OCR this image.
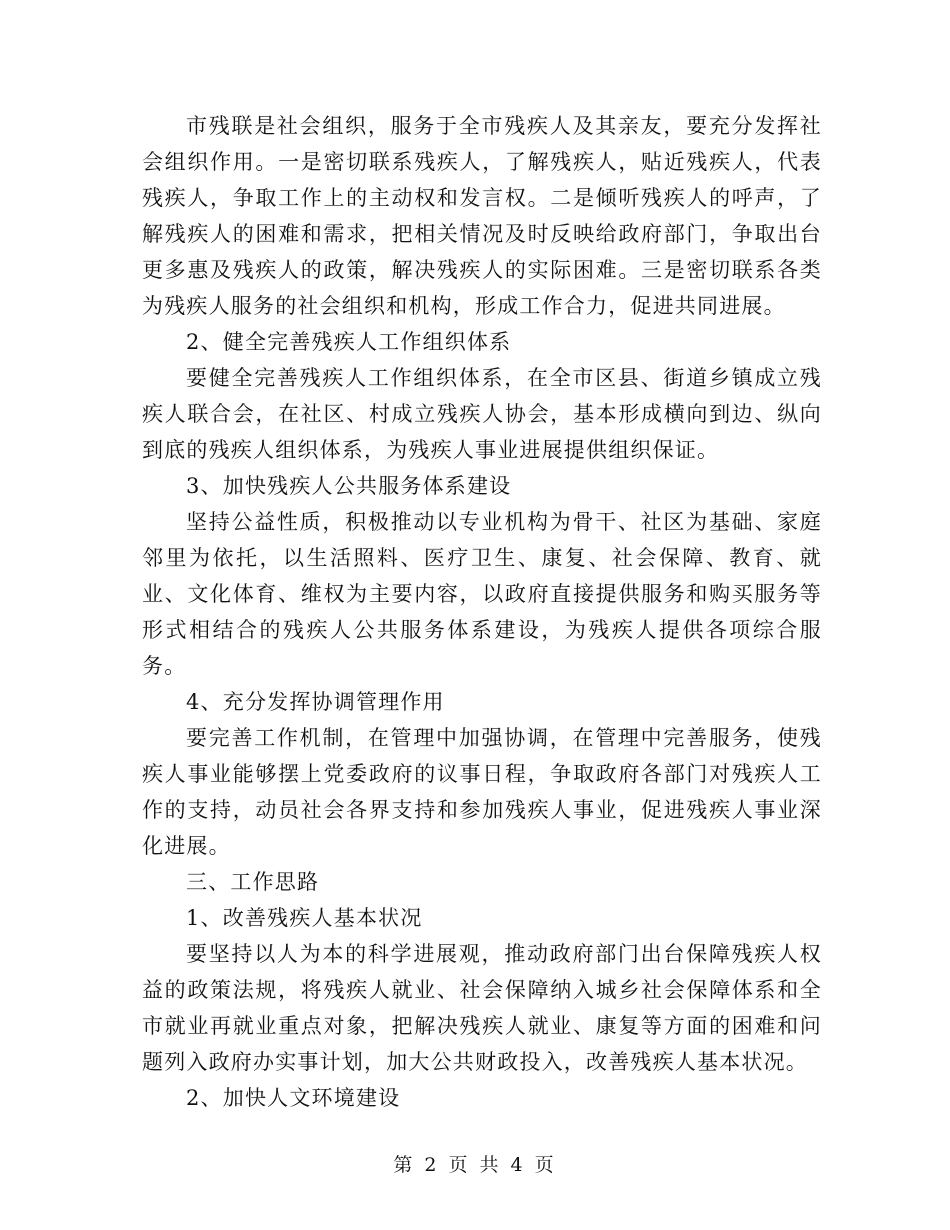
市残联是社会组织，服务于全市残疾人及其亲友，要充分发挥社会组织作用。一是密切联系残疾人，了解残疾人，贴近残疾人，代表残疾人，争取工作上的主动权和发言权。二是倾听残疾人的呼声，了解残疾人的困难和需求，把相关情况及时反映给政府部门，争取出台更多惠及残疾人的政策，解决残疾人的实际困难。三是密切联系各类为残疾人服务的社会组织和机构，形成工作合力，促进共同进展。

2、健全完善残疾人工作组织体系

要健全完善残疾人工作组织体系，在全市区县、街道乡镇成立残疾人联合会，在社区、村成立残疾人协会，基本形成横向到边、纵向到底的残疾人组织体系，为残疾人事业进展提供组织保证。

3、加快残疾人公共服务体系建设

坚持公益性质，积极推动以专业机构为骨干、社区为基础、家庭邻里为依托，以生活照料、医疗卫生、康复、社会保障、教育、就业、文化体育、维权为主要内容，以政府直接提供服务和购买服务等形式相结合的残疾人公共服务体系建设，为残疾人提供各项综合服务。

4、充分发挥协调管理作用

要完善工作机制，在管理中加强协调，在管理中完善服务，使残疾人事业能够摆上党委政府的议事日程，争取政府各部门对残疾人工作的支持，动员社会各界支持和参加残疾人事业，促进残疾人事业深化进展。

三、工作思路

1、改善残疾人基本状况

要坚持以人为本的科学进展观，推动政府部门出台保障残疾人权益的政策法规，将残疾人就业、社会保障纳入城乡社会保障体系和全市就业再就业重点对象，把解决残疾人就业、康复等方面的困难和问题列入政府办实事计划，加大公共财政投入，改善残疾人基本状况。

2、加快人文环境建设

第 2 页 共 4 页
